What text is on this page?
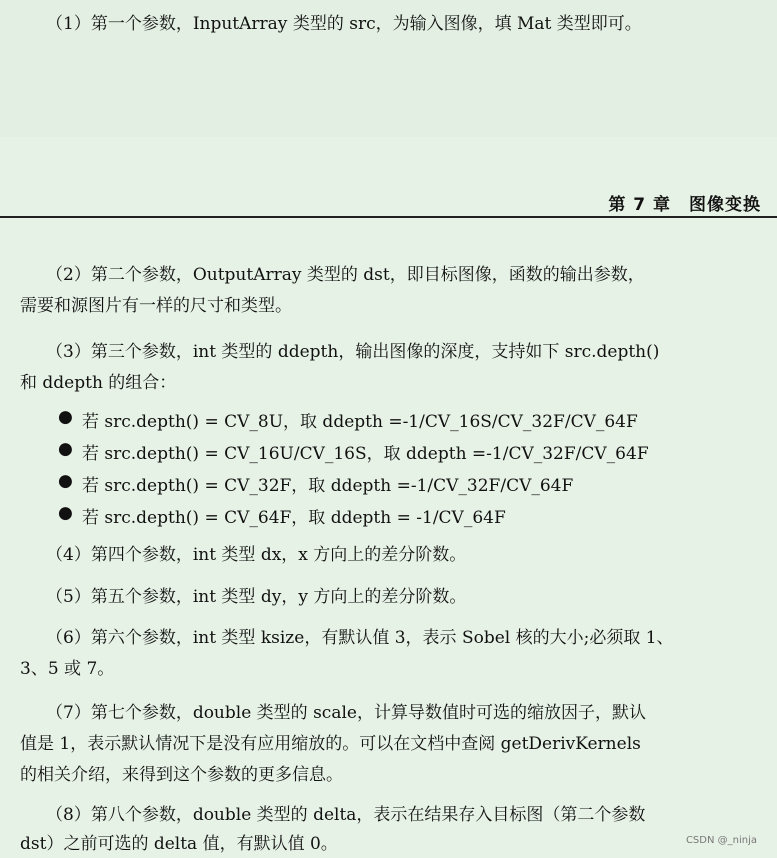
（1）第一个参数，InputArray 类型的 src，为输入图像，填 Mat 类型即可。
第 7 章　图像变换
（2）第二个参数，OutputArray 类型的 dst，即目标图像，函数的输出参数，
需要和源图片有一样的尺寸和类型。
（3）第三个参数，int 类型的 ddepth，输出图像的深度，支持如下 src.depth()
和 ddepth 的组合：
● 若 src.depth() = CV_8U，取 ddepth =-1/CV_16S/CV_32F/CV_64F
● 若 src.depth() = CV_16U/CV_16S，取 ddepth =-1/CV_32F/CV_64F
● 若 src.depth() = CV_32F，取 ddepth =-1/CV_32F/CV_64F
● 若 src.depth() = CV_64F，取 ddepth = -1/CV_64F
（4）第四个参数，int 类型 dx，x 方向上的差分阶数。
（5）第五个参数，int 类型 dy，y 方向上的差分阶数。
（6）第六个参数，int 类型 ksize，有默认值 3，表示 Sobel 核的大小;必须取 1、
3、5 或 7。
（7）第七个参数，double 类型的 scale，计算导数值时可选的缩放因子，默认
值是 1，表示默认情况下是没有应用缩放的。可以在文档中查阅 getDerivKernels
的相关介绍，来得到这个参数的更多信息。
（8）第八个参数，double 类型的 delta，表示在结果存入目标图（第二个参数
dst）之前可选的 delta 值，有默认值 0。	CSDN @_ninja
